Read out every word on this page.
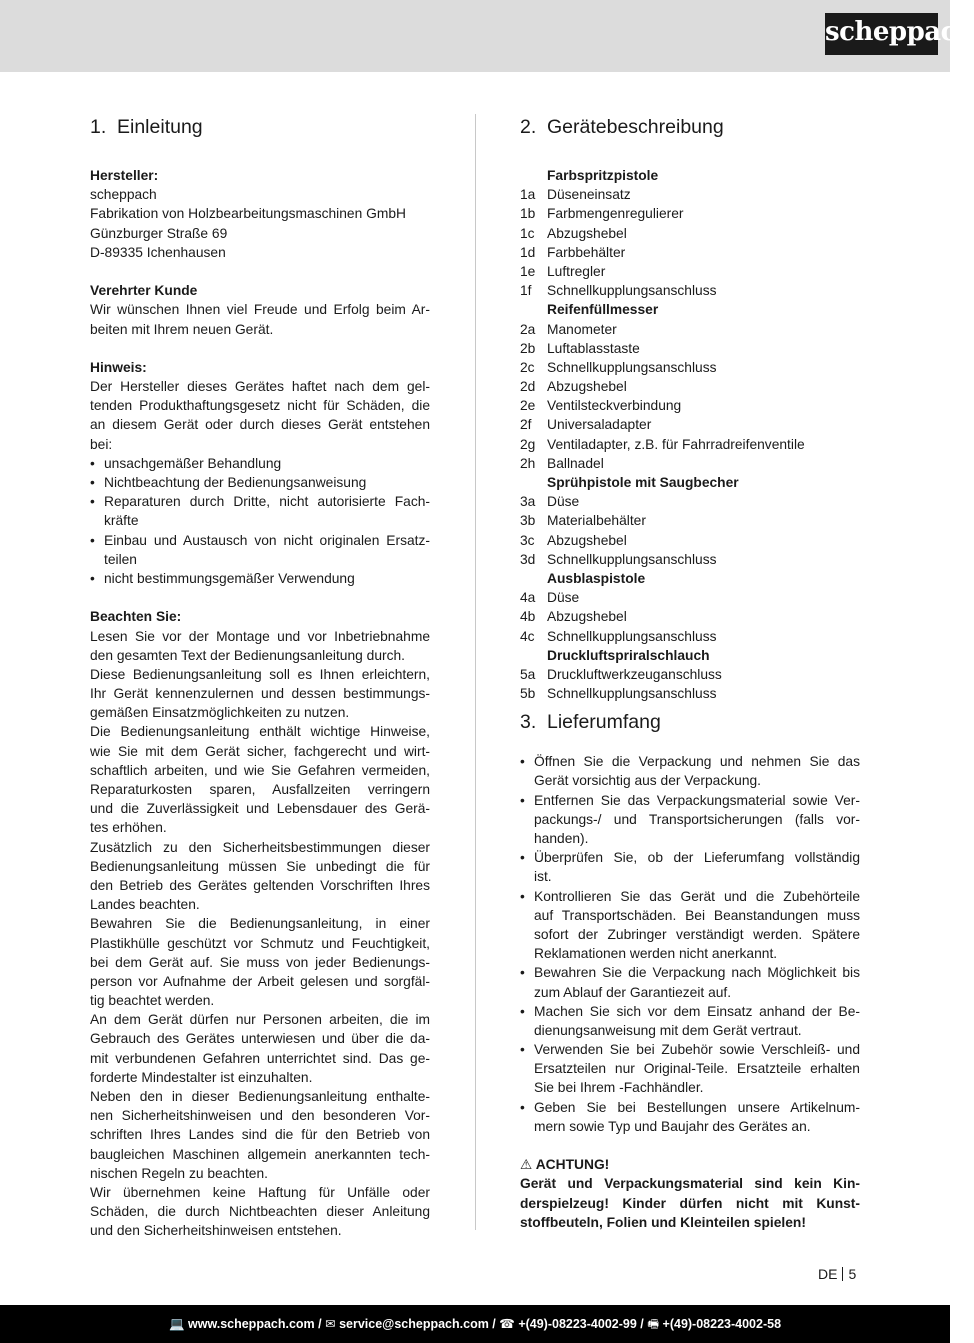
scheppach
1. Einleitung
Hersteller:
scheppach
Fabrikation von Holzbearbeitungsmaschinen GmbH
Günzburger Straße 69
D-89335 Ichenhausen
Verehrter Kunde
Wir wünschen Ihnen viel Freude und Erfolg beim Ar-
beiten mit Ihrem neuen Gerät.
Hinweis:
Der Hersteller dieses Gerätes haftet nach dem gel-
tenden Produkthaftungsgesetz nicht für Schäden, die
an diesem Gerät oder durch dieses Gerät entstehen
bei:
• unsachgemäßer Behandlung
• Nichtbeachtung der Bedienungsanweisung
• Reparaturen durch Dritte, nicht autorisierte Fach-
kräfte
• Einbau und Austausch von nicht originalen Ersatz-
teilen
• nicht bestimmungsgemäßer Verwendung
Beachten Sie:
Lesen Sie vor der Montage und vor Inbetriebnahme
den gesamten Text der Bedienungsanleitung durch.
Diese Bedienungsanleitung soll es Ihnen erleichtern,
Ihr Gerät kennenzulernen und dessen bestimmungs-
gemäßen Einsatzmöglichkeiten zu nutzen.
Die Bedienungsanleitung enthält wichtige Hinweise,
wie Sie mit dem Gerät sicher, fachgerecht und wirt-
schaftlich arbeiten, und wie Sie Gefahren vermeiden,
Reparaturkosten sparen, Ausfallzeiten verringern
und die Zuverlässigkeit und Lebensdauer des Gerä-
tes erhöhen.
Zusätzlich zu den Sicherheitsbestimmungen dieser
Bedienungsanleitung müssen Sie unbedingt die für
den Betrieb des Gerätes geltenden Vorschriften Ihres
Landes beachten.
Bewahren Sie die Bedienungsanleitung, in einer
Plastikhülle geschützt vor Schmutz und Feuchtigkeit,
bei dem Gerät auf. Sie muss von jeder Bedienungs-
person vor Aufnahme der Arbeit gelesen und sorgfäl-
tig beachtet werden.
An dem Gerät dürfen nur Personen arbeiten, die im
Gebrauch des Gerätes unterwiesen und über die da-
mit verbundenen Gefahren unterrichtet sind. Das ge-
forderte Mindestalter ist einzuhalten.
Neben den in dieser Bedienungsanleitung enthalte-
nen Sicherheitshinweisen und den besonderen Vor-
schriften Ihres Landes sind die für den Betrieb von
baugleichen Maschinen allgemein anerkannten tech-
nischen Regeln zu beachten.
Wir übernehmen keine Haftung für Unfälle oder
Schäden, die durch Nichtbeachten dieser Anleitung
und den Sicherheitshinweisen entstehen.
2. Gerätebeschreibung
Farbspritzpistole
1a Düseneinsatz
1b Farbmengenregulierer
1c Abzugshebel
1d Farbbehälter
1e Luftregler
1f Schnellkupplungsanschluss
Reifenfüllmesser
2a Manometer
2b Luftablasstaste
2c Schnellkupplungsanschluss
2d Abzugshebel
2e Ventilsteckverbindung
2f Universaladapter
2g Ventiladapter, z.B. für Fahrradreifenventile
2h Ballnadel
Sprühpistole mit Saugbecher
3a Düse
3b Materialbehälter
3c Abzugshebel
3d Schnellkupplungsanschluss
Ausblaspistole
4a Düse
4b Abzugshebel
4c Schnellkupplungsanschluss
Druckluftspriralschlauch
5a Druckluftwerkzeuganschluss
5b Schnellkupplungsanschluss
3. Lieferumfang
• Öffnen Sie die Verpackung und nehmen Sie das
Gerät vorsichtig aus der Verpackung.
• Entfernen Sie das Verpackungsmaterial sowie Ver-
packungs-/ und Transportsicherungen (falls vor-
handen).
• Überprüfen Sie, ob der Lieferumfang vollständig
ist.
• Kontrollieren Sie das Gerät und die Zubehörteile
auf Transportschäden. Bei Beanstandungen muss
sofort der Zubringer verständigt werden. Spätere
Reklamationen werden nicht anerkannt.
• Bewahren Sie die Verpackung nach Möglichkeit bis
zum Ablauf der Garantiezeit auf.
• Machen Sie sich vor dem Einsatz anhand der Be-
dienungsanweisung mit dem Gerät vertraut.
• Verwenden Sie bei Zubehör sowie Verschleiß- und
Ersatzteilen nur Original-Teile. Ersatzteile erhalten
Sie bei Ihrem -Fachhändler.
• Geben Sie bei Bestellungen unsere Artikelnum-
mern sowie Typ und Baujahr des Gerätes an.
⚠ ACHTUNG!
Gerät und Verpackungsmaterial sind kein Kin-
derspielzeug! Kinder dürfen nicht mit Kunst-
stoffbeuteln, Folien und Kleinteilen spielen!
DE 5
💻 www.scheppach.com / ✉ service@scheppach.com / ☎ +(49)-08223-4002-99 / 🖷 +(49)-08223-4002-58
